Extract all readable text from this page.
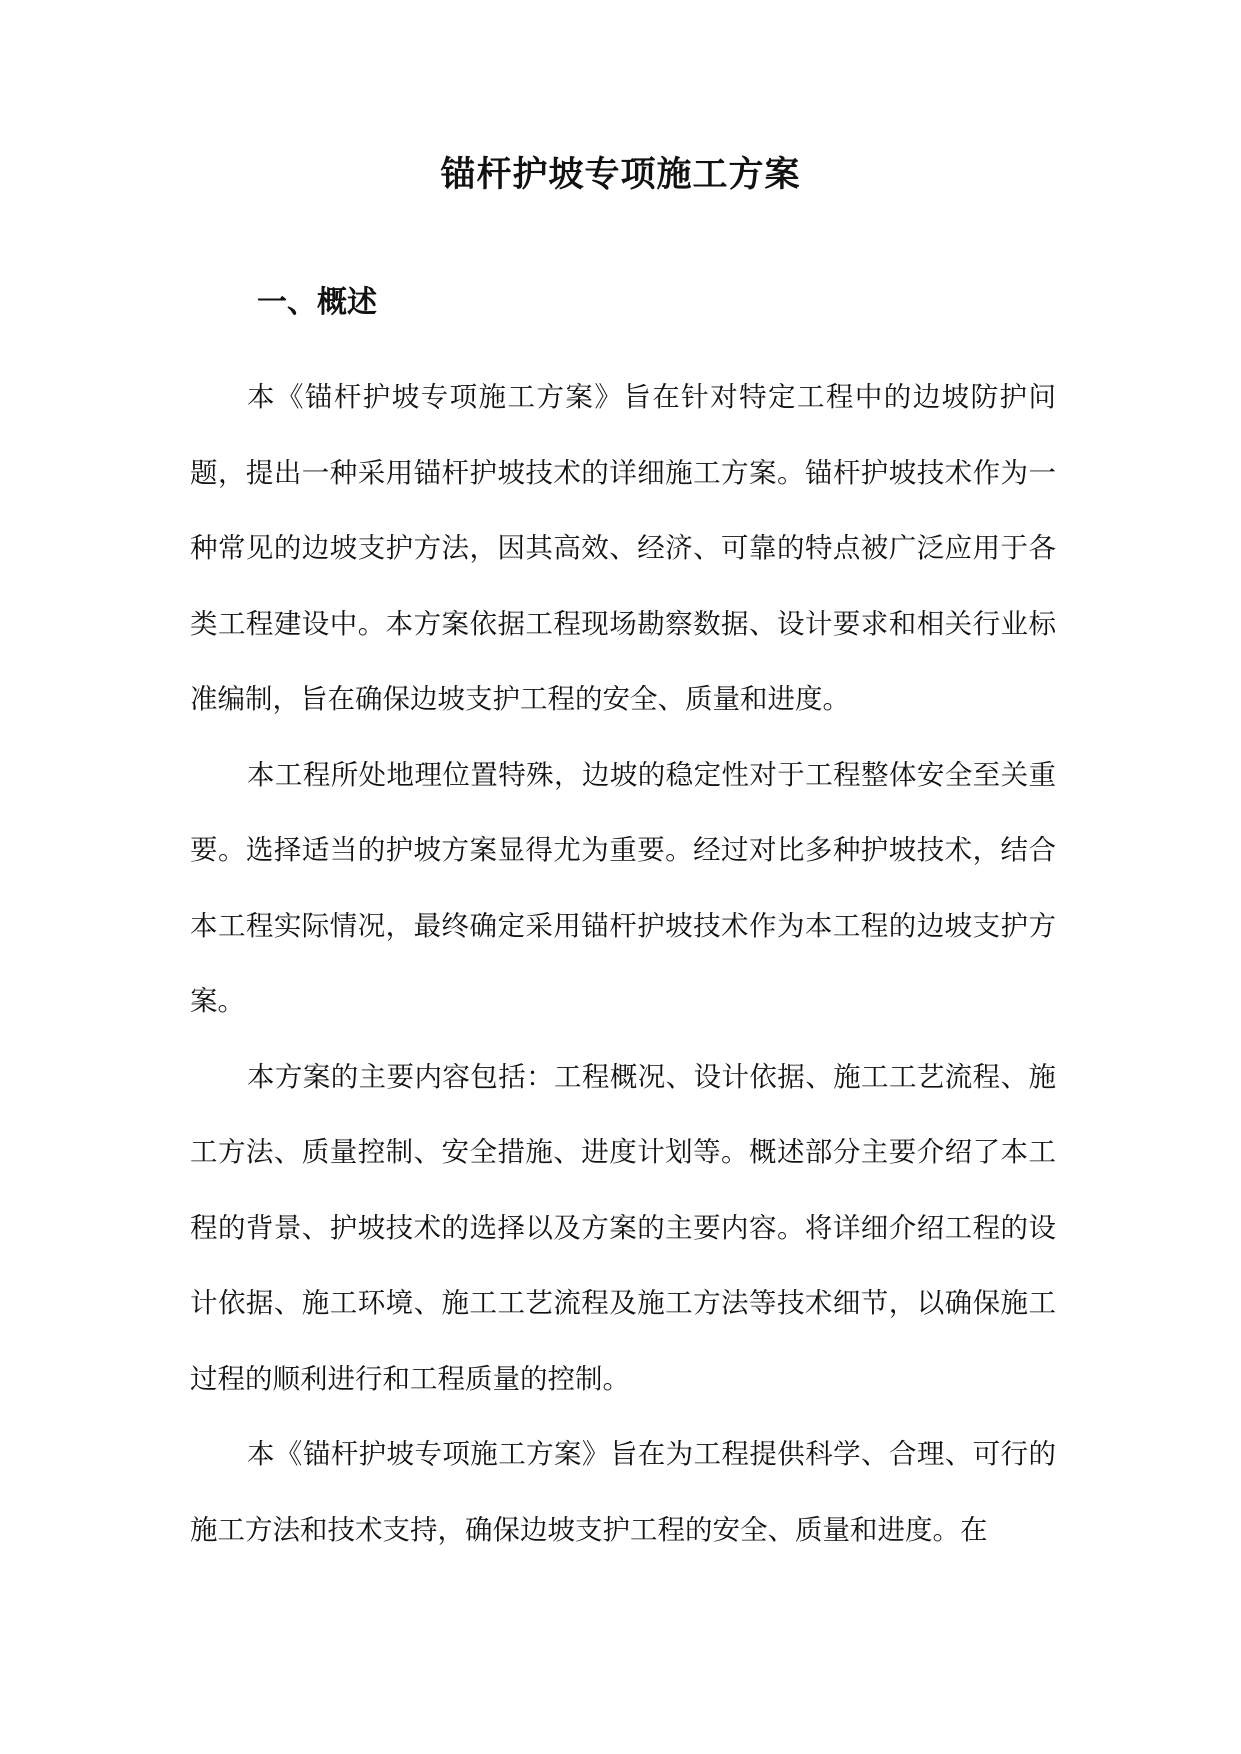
锚杆护坡专项施工方案
一、概述

本《锚杆护坡专项施工方案》旨在针对特定工程中的边坡防护问题，提出一种采用锚杆护坡技术的详细施工方案。锚杆护坡技术作为一种常见的边坡支护方法，因其高效、经济、可靠的特点被广泛应用于各类工程建设中。本方案依据工程现场勘察数据、设计要求和相关行业标准编制，旨在确保边坡支护工程的安全、质量和进度。

本工程所处地理位置特殊，边坡的稳定性对于工程整体安全至关重要。选择适当的护坡方案显得尤为重要。经过对比多种护坡技术，结合本工程实际情况，最终确定采用锚杆护坡技术作为本工程的边坡支护方案。

本方案的主要内容包括：工程概况、设计依据、施工工艺流程、施工方法、质量控制、安全措施、进度计划等。概述部分主要介绍了本工程的背景、护坡技术的选择以及方案的主要内容。将详细介绍工程的设计依据、施工环境、施工工艺流程及施工方法等技术细节，以确保施工过程的顺利进行和工程质量的控制。

本《锚杆护坡专项施工方案》旨在为工程提供科学、合理、可行的施工方法和技术支持，确保边坡支护工程的安全、质量和进度。在
